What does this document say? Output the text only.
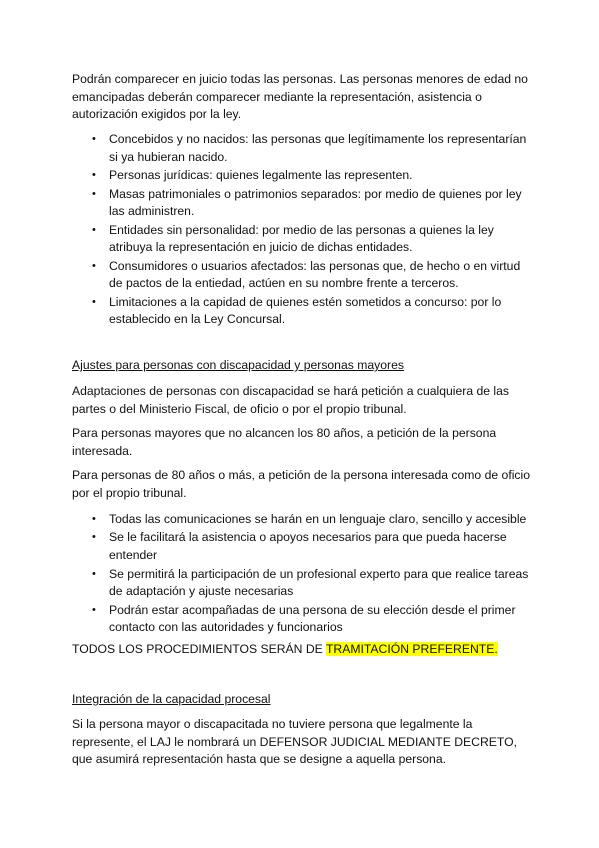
Podrán comparecer en juicio todas las personas. Las personas menores de edad no emancipadas deberán comparecer mediante la representación, asistencia o autorización exigidos por la ley.

• Concebidos y no nacidos: las personas que legítimamente los representarían si ya hubieran nacido.
• Personas jurídicas: quienes legalmente las representen.
• Masas patrimoniales o patrimonios separados: por medio de quienes por ley las administren.
• Entidades sin personalidad: por medio de las personas a quienes la ley atribuya la representación en juicio de dichas entidades.
• Consumidores o usuarios afectados: las personas que, de hecho o en virtud de pactos de la entiedad, actúen en su nombre frente a terceros.
• Limitaciones a la capidad de quienes estén sometidos a concurso: por lo establecido en la Ley Concursal.

Ajustes para personas con discapacidad y personas mayores

Adaptaciones de personas con discapacidad se hará petición a cualquiera de las partes o del Ministerio Fiscal, de oficio o por el propio tribunal.

Para personas mayores que no alcancen los 80 años, a petición de la persona interesada.

Para personas de 80 años o más, a petición de la persona interesada como de oficio por el propio tribunal.

• Todas las comunicaciones se harán en un lenguaje claro, sencillo y accesible
• Se le facilitará la asistencia o apoyos necesarios para que pueda hacerse entender
• Se permitirá la participación de un profesional experto para que realice tareas de adaptación y ajuste necesarias
• Podrán estar acompañadas de una persona de su elección desde el primer contacto con las autoridades y funcionarios

TODOS LOS PROCEDIMIENTOS SERÁN DE TRAMITACIÓN PREFERENTE.

Integración de la capacidad procesal

Si la persona mayor o discapacitada no tuviere persona que legalmente la represente, el LAJ le nombrará un DEFENSOR JUDICIAL MEDIANTE DECRETO, que asumirá representación hasta que se designe a aquella persona.
